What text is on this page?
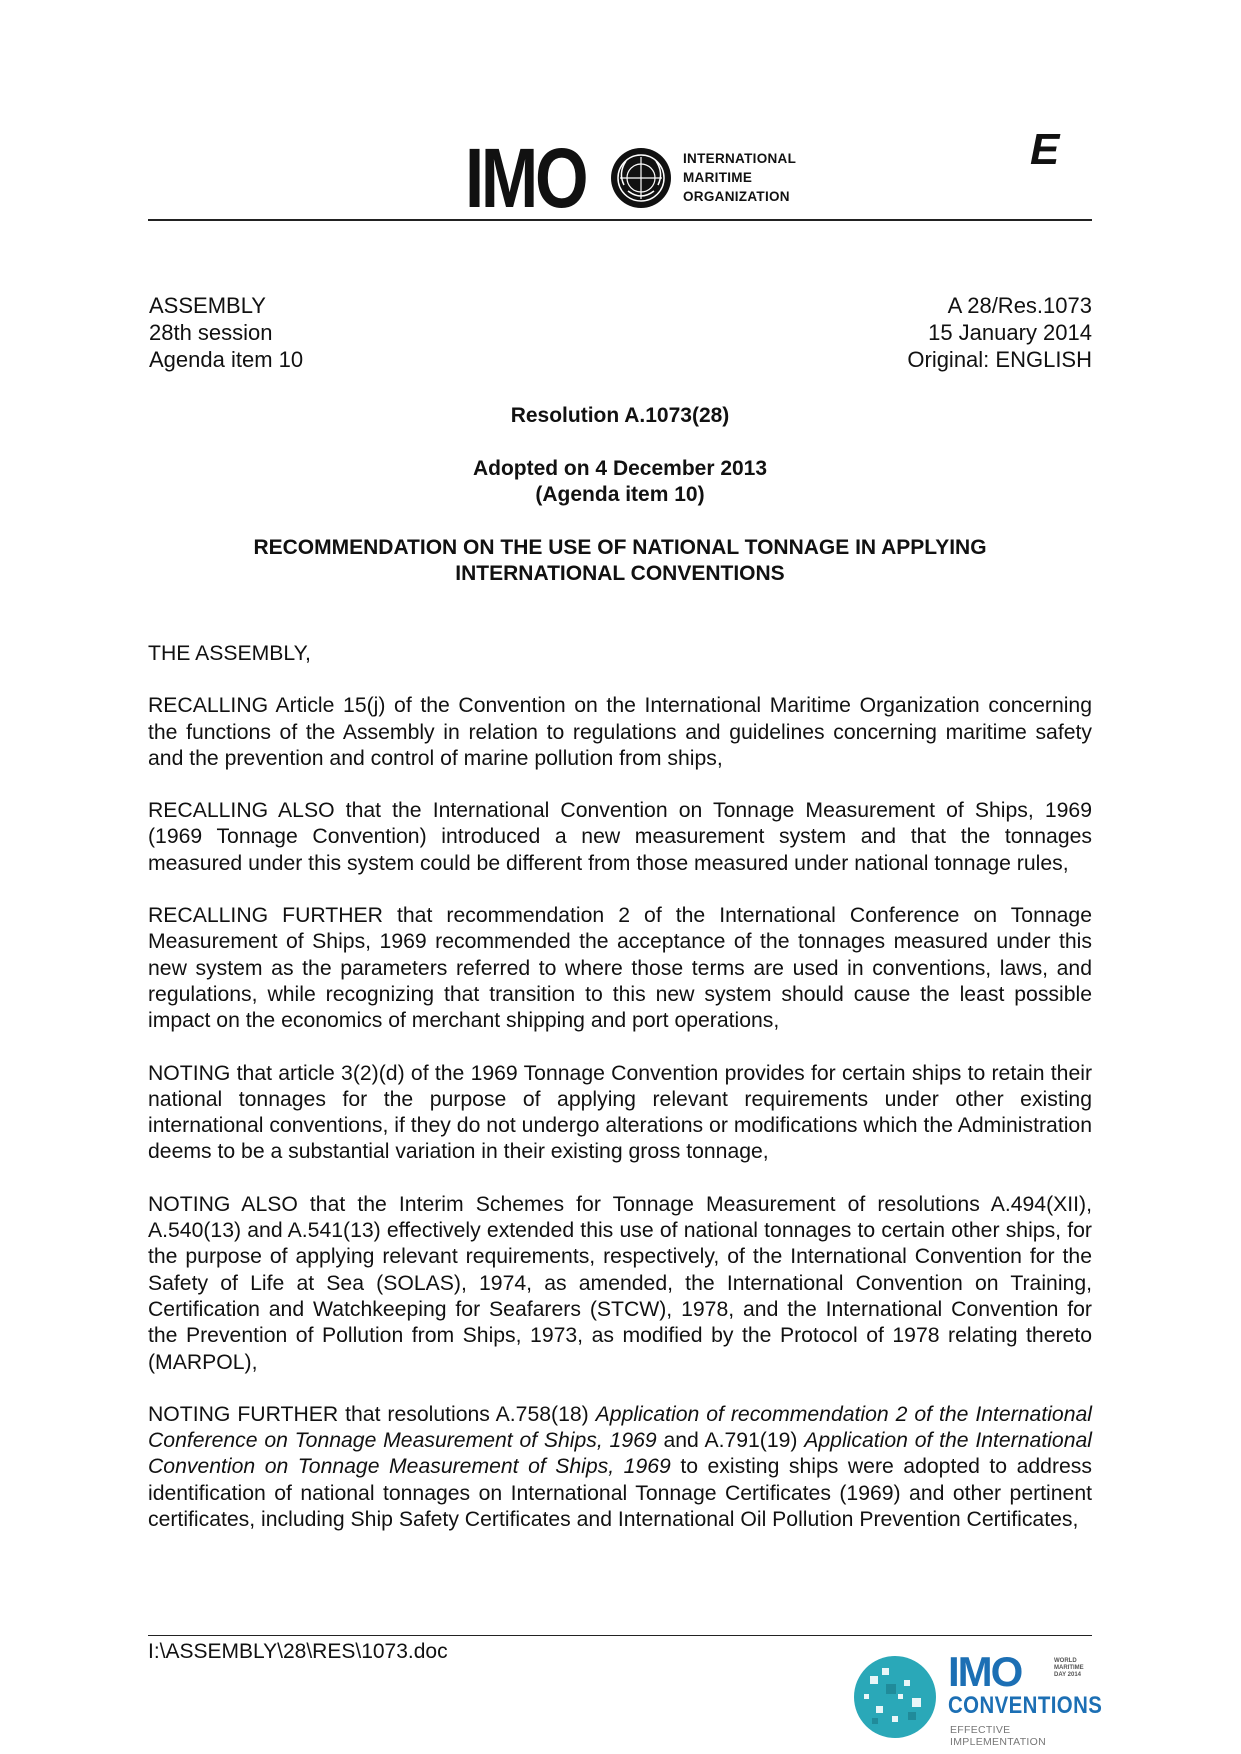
IMO	INTERNATIONAL
MARITIME
ORGANIZATION
E
ASSEMBLY
28th session
Agenda item 10
A 28/Res.1073
15 January 2014
Original: ENGLISH
Resolution A.1073(28)
Adopted on 4 December 2013
(Agenda item 10)
RECOMMENDATION ON THE USE OF NATIONAL TONNAGE IN APPLYING
INTERNATIONAL CONVENTIONS

THE ASSEMBLY,

RECALLING Article 15(j) of the Convention on the International Maritime Organization concerning the functions of the Assembly in relation to regulations and guidelines concerning maritime safety and the prevention and control of marine pollution from ships,

RECALLING ALSO that the International Convention on Tonnage Measurement of Ships, 1969 (1969 Tonnage Convention) introduced a new measurement system and that the tonnages measured under this system could be different from those measured under national tonnage rules,

RECALLING FURTHER that recommendation 2 of the International Conference on Tonnage Measurement of Ships, 1969 recommended the acceptance of the tonnages measured under this new system as the parameters referred to where those terms are used in conventions, laws, and regulations, while recognizing that transition to this new system should cause the least possible impact on the economics of merchant shipping and port operations,

NOTING that article 3(2)(d) of the 1969 Tonnage Convention provides for certain ships to retain their national tonnages for the purpose of applying relevant requirements under other existing international conventions, if they do not undergo alterations or modifications which the Administration deems to be a substantial variation in their existing gross tonnage,

NOTING ALSO that the Interim Schemes for Tonnage Measurement of resolutions A.494(XII), A.540(13) and A.541(13) effectively extended this use of national tonnages to certain other ships, for the purpose of applying relevant requirements, respectively, of the International Convention for the Safety of Life at Sea (SOLAS), 1974, as amended, the International Convention on Training, Certification and Watchkeeping for Seafarers (STCW), 1978, and the International Convention for the Prevention of Pollution from Ships, 1973, as modified by the Protocol of 1978 relating thereto (MARPOL),

NOTING FURTHER that resolutions A.758(18) Application of recommendation 2 of the International Conference on Tonnage Measurement of Ships, 1969 and A.791(19) Application of the International Convention on Tonnage Measurement of Ships, 1969 to existing ships were adopted to address identification of national tonnages on International Tonnage Certificates (1969) and other pertinent certificates, including Ship Safety Certificates and International Oil Pollution Prevention Certificates,

I:\ASSEMBLY\28\RES\1073.doc	IMO	WORLD
MARITIME
DAY 2014
CONVENTIONS
EFFECTIVE IMPLEMENTATION
